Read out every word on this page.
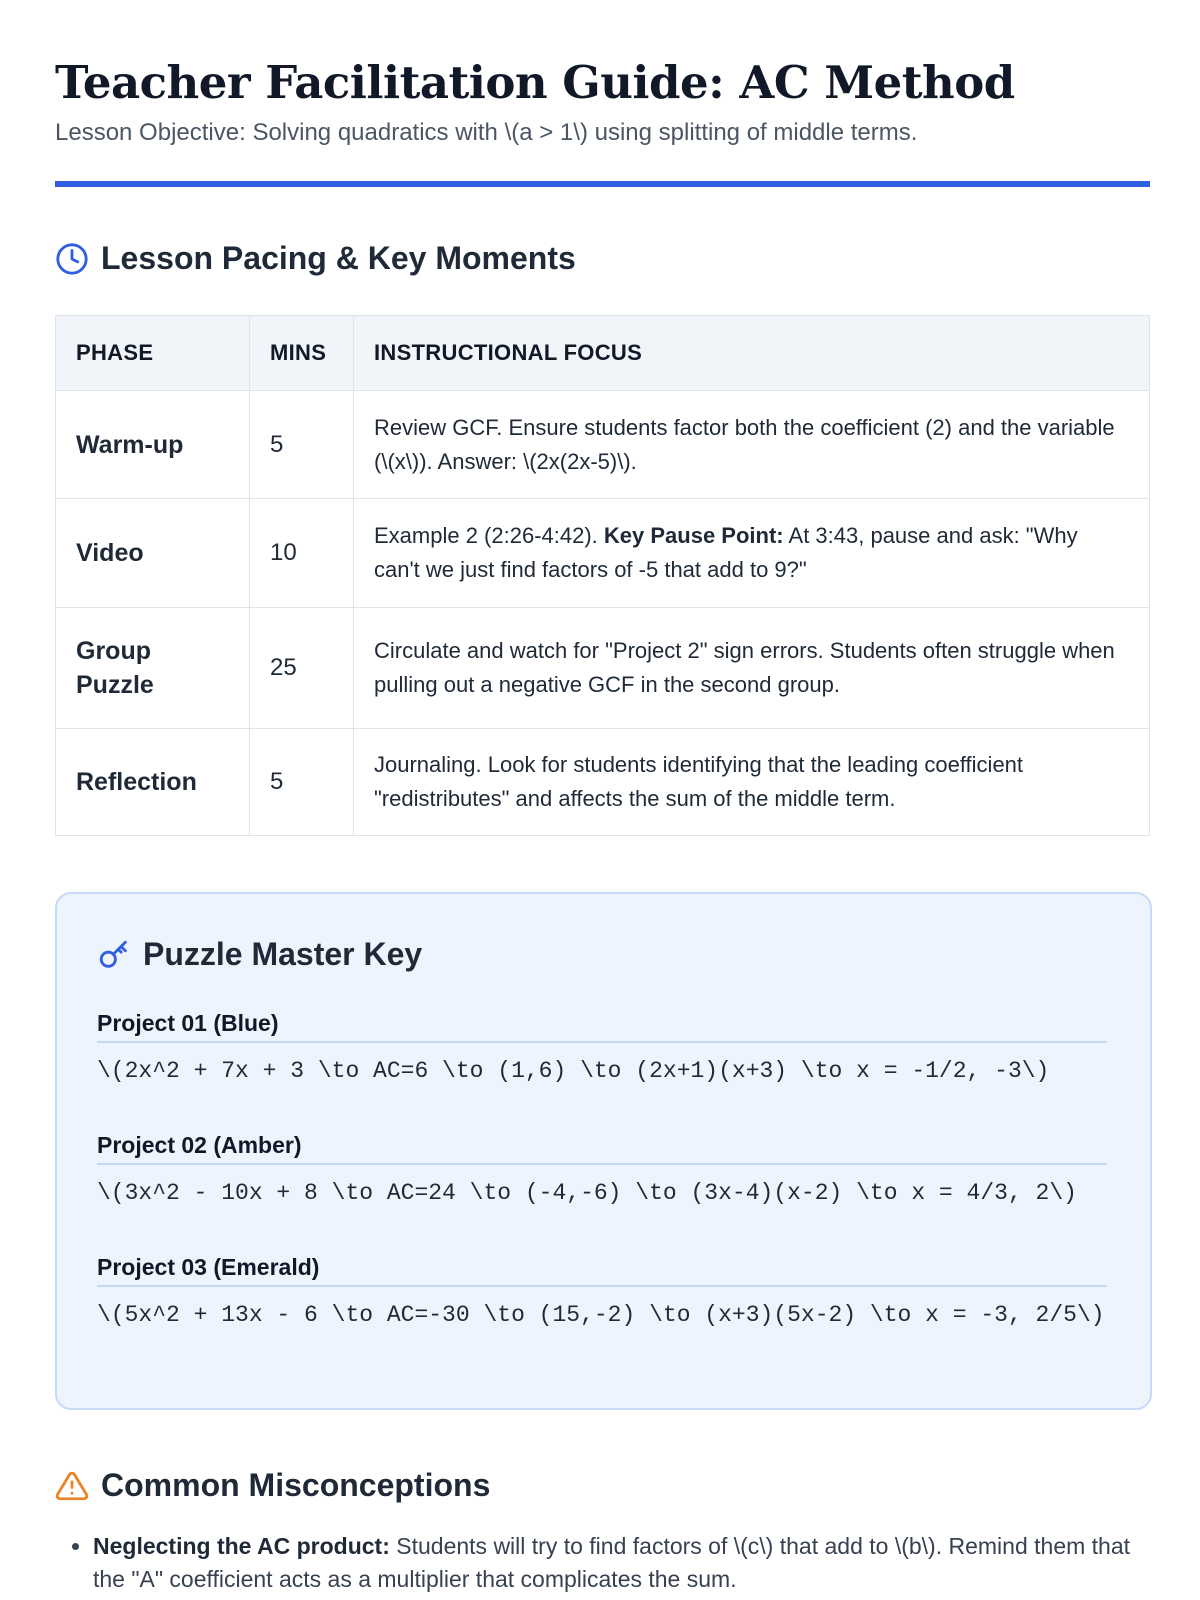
Teacher Facilitation Guide: AC Method

Lesson Objective: Solving quadratics with \(a > 1\) using splitting of middle terms.

Lesson Pacing & Key Moments
PHASE	MINS	INSTRUCTIONAL FOCUS
Warm-up	5	Review GCF. Ensure students factor both the coefficient (2) and the variable (\(x\)). Answer: \(2x(2x-5)\).
Video	10	Example 2 (2:26-4:42). Key Pause Point: At 3:43, pause and ask: "Why can't we just find factors of -5 that add to 9?"
Group Puzzle	25	Circulate and watch for "Project 2" sign errors. Students often struggle when pulling out a negative GCF in the second group.
Reflection	5	Journaling. Look for students identifying that the leading coefficient "redistributes" and affects the sum of the middle term.
Puzzle Master Key
Project 01 (Blue)
\(2x^2 + 7x + 3 \to AC=6 \to (1,6) \to (2x+1)(x+3) \to x = -1/2, -3\)
Project 02 (Amber)
\(3x^2 - 10x + 8 \to AC=24 \to (-4,-6) \to (3x-4)(x-2) \to x = 4/3, 2\)
Project 03 (Emerald)
\(5x^2 + 13x - 6 \to AC=-30 \to (15,-2) \to (x+3)(5x-2) \to x = -3, 2/5\)
Common Misconceptions
• Neglecting the AC product: Students will try to find factors of \(c\) that add to \(b\). Remind them that the "A" coefficient acts as a multiplier that complicates the sum.
